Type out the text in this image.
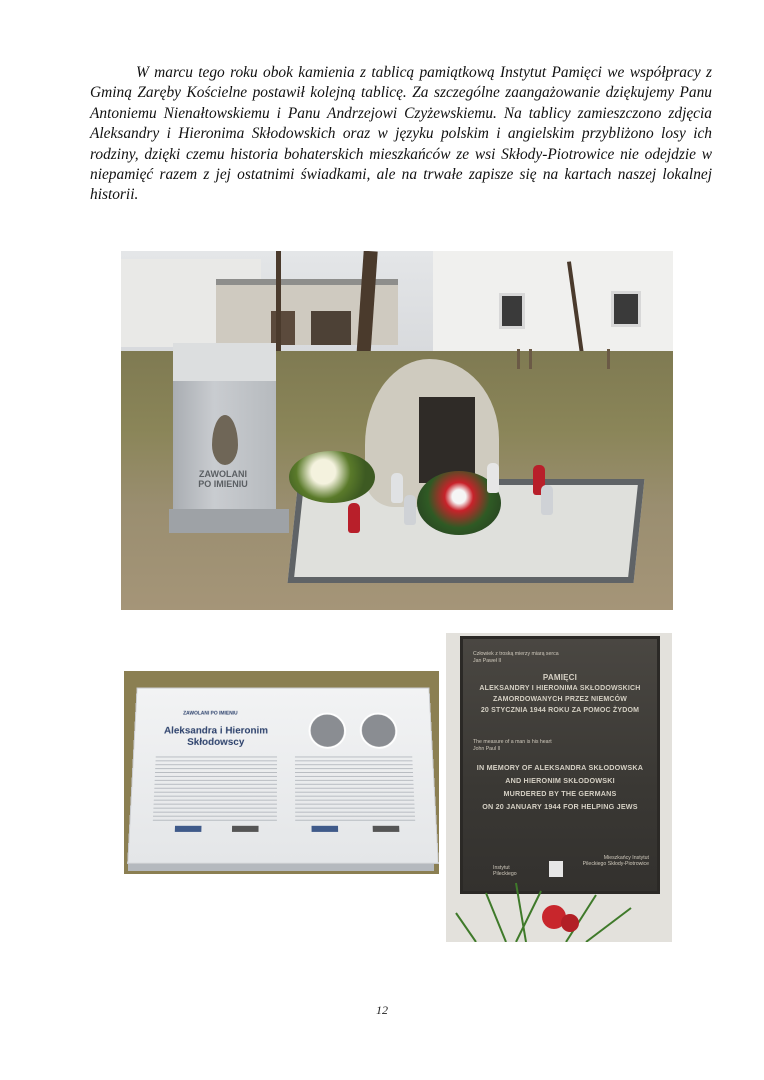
W marcu tego roku obok kamienia z tablicą pamiątkową Instytut Pamięci we współpracy z Gminą Zaręby Kościelne postawił kolejną tablicę. Za szczególne zaangażowanie dziękujemy Panu Antoniemu Nienałtowskiemu i Panu Andrzejowi Czyżewskiemu. Na tablicy zamieszczono zdjęcia Aleksandry i Hieronima Skłodowskich oraz w języku polskim i angielskim przybliżono losy ich rodziny, dzięki czemu historia bohaterskich mieszkańców ze wsi Skłody-Piotrowice nie odejdzie w niepamięć razem z jej ostatnimi świadkami, ale na trwałe zapisze się na kartach naszej lokalnej historii.

ZAWOLANI
PO IMIENIU
ZAWOLANI PO IMIENIU
Aleksandra i Hieronim Skłodowscy
Człowiek z troską mierzy miarą serca
Jan Paweł II
PAMIĘCI
ALEKSANDRY I HIERONIMA SKŁODOWSKICH
ZAMORDOWANYCH PRZEZ NIEMCÓW
20 STYCZNIA 1944 ROKU ZA POMOC ŻYDOM
The measure of a man is his heart
John Paul II
IN MEMORY OF ALEKSANDRA SKŁODOWSKA
AND HIERONIM SKŁODOWSKI
MURDERED BY THE GERMANS
ON 20 JANUARY 1944 FOR HELPING JEWS
Instytut Pileckiego
Mieszkańcy Instytut Pileckiego Skłody-Piotrowice
12
